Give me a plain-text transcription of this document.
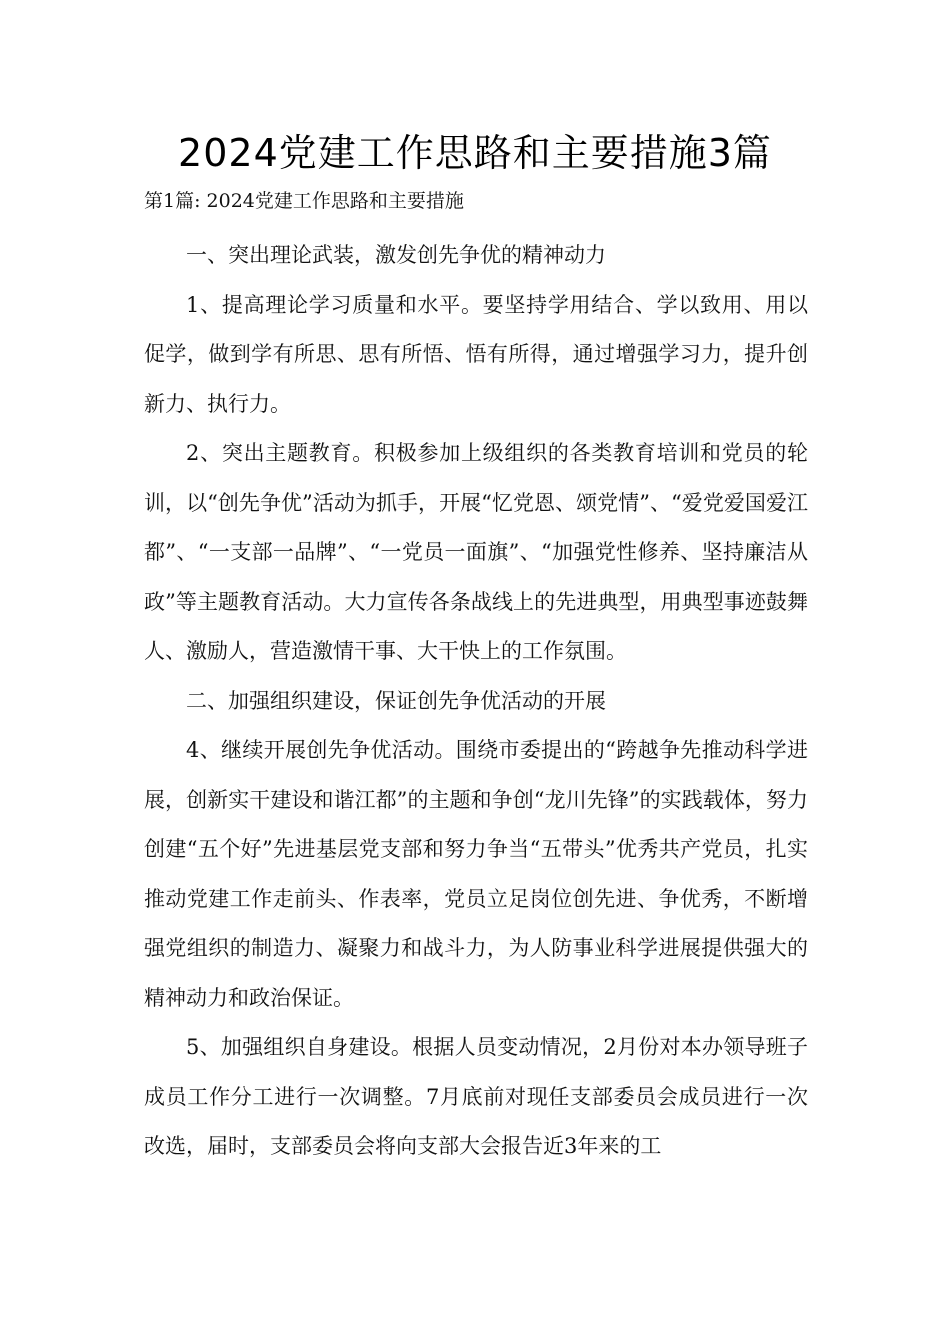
2024党建工作思路和主要措施3篇
第1篇: 2024党建工作思路和主要措施
一、突出理论武装，激发创先争优的精神动力

1、提高理论学习质量和水平。要坚持学用结合、学以致用、用以促学，做到学有所思、思有所悟、悟有所得，通过增强学习力，提升创新力、执行力。

2、突出主题教育。积极参加上级组织的各类教育培训和党员的轮训，以“创先争优”活动为抓手，开展“忆党恩、颂党情”、“爱党爱国爱江都”、“一支部一品牌”、“一党员一面旗”、“加强党性修养、坚持廉洁从政”等主题教育活动。大力宣传各条战线上的先进典型，用典型事迹鼓舞人、激励人，营造激情干事、大干快上的工作氛围。

二、加强组织建设，保证创先争优活动的开展

4、继续开展创先争优活动。围绕市委提出的“跨越争先推动科学进展，创新实干建设和谐江都”的主题和争创“龙川先锋”的实践载体，努力创建“五个好”先进基层党支部和努力争当“五带头”优秀共产党员，扎实推动党建工作走前头、作表率，党员立足岗位创先进、争优秀，不断增强党组织的制造力、凝聚力和战斗力，为人防事业科学进展提供强大的精神动力和政治保证。

5、加强组织自身建设。根据人员变动情况，2月份对本办领导班子成员工作分工进行一次调整。7月底前对现任支部委员会成员进行一次改选，届时，支部委员会将向支部大会报告近3年来的工
